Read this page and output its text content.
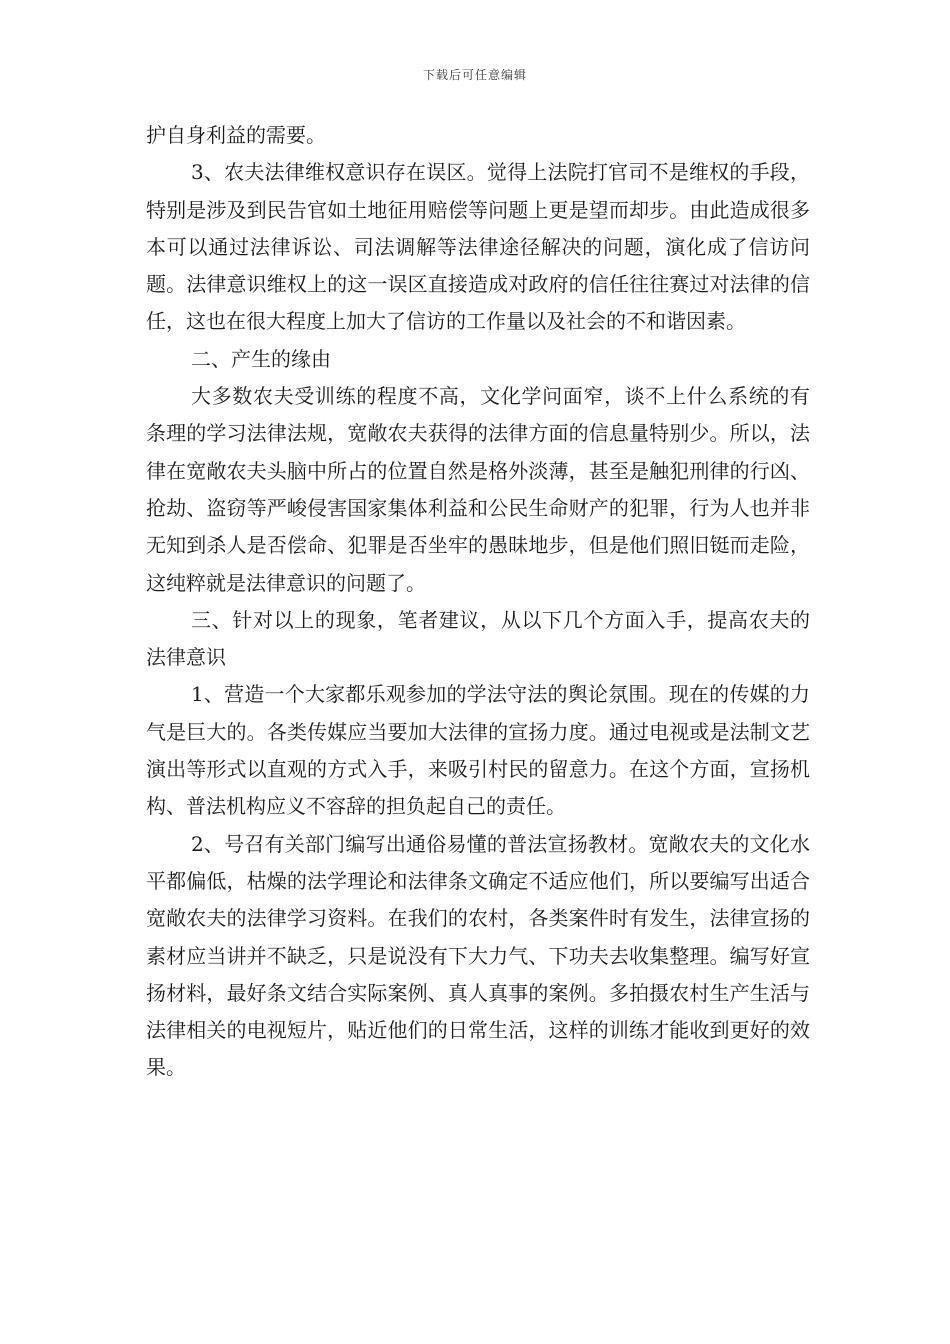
下载后可任意编辑

护自身利益的需要。

3、农夫法律维权意识存在误区。觉得上法院打官司不是维权的手段，特别是涉及到民告官如土地征用赔偿等问题上更是望而却步。由此造成很多本可以通过法律诉讼、司法调解等法律途径解决的问题，演化成了信访问题。法律意识维权上的这一误区直接造成对政府的信任往往赛过对法律的信任，这也在很大程度上加大了信访的工作量以及社会的不和谐因素。

二、产生的缘由

大多数农夫受训练的程度不高，文化学问面窄，谈不上什么系统的有条理的学习法律法规，宽敞农夫获得的法律方面的信息量特别少。所以，法律在宽敞农夫头脑中所占的位置自然是格外淡薄，甚至是触犯刑律的行凶、抢劫、盗窃等严峻侵害国家集体利益和公民生命财产的犯罪，行为人也并非无知到杀人是否偿命、犯罪是否坐牢的愚昧地步，但是他们照旧铤而走险，这纯粹就是法律意识的问题了。

三、针对以上的现象，笔者建议，从以下几个方面入手，提高农夫的法律意识

1、营造一个大家都乐观参加的学法守法的舆论氛围。现在的传媒的力气是巨大的。各类传媒应当要加大法律的宣扬力度。通过电视或是法制文艺演出等形式以直观的方式入手，来吸引村民的留意力。在这个方面，宣扬机构、普法机构应义不容辞的担负起自己的责任。

2、号召有关部门编写出通俗易懂的普法宣扬教材。宽敞农夫的文化水平都偏低，枯燥的法学理论和法律条文确定不适应他们，所以要编写出适合宽敞农夫的法律学习资料。在我们的农村，各类案件时有发生，法律宣扬的素材应当讲并不缺乏，只是说没有下大力气、下功夫去收集整理。编写好宣扬材料，最好条文结合实际案例、真人真事的案例。多拍摄农村生产生活与法律相关的电视短片，贴近他们的日常生活，这样的训练才能收到更好的效果。
